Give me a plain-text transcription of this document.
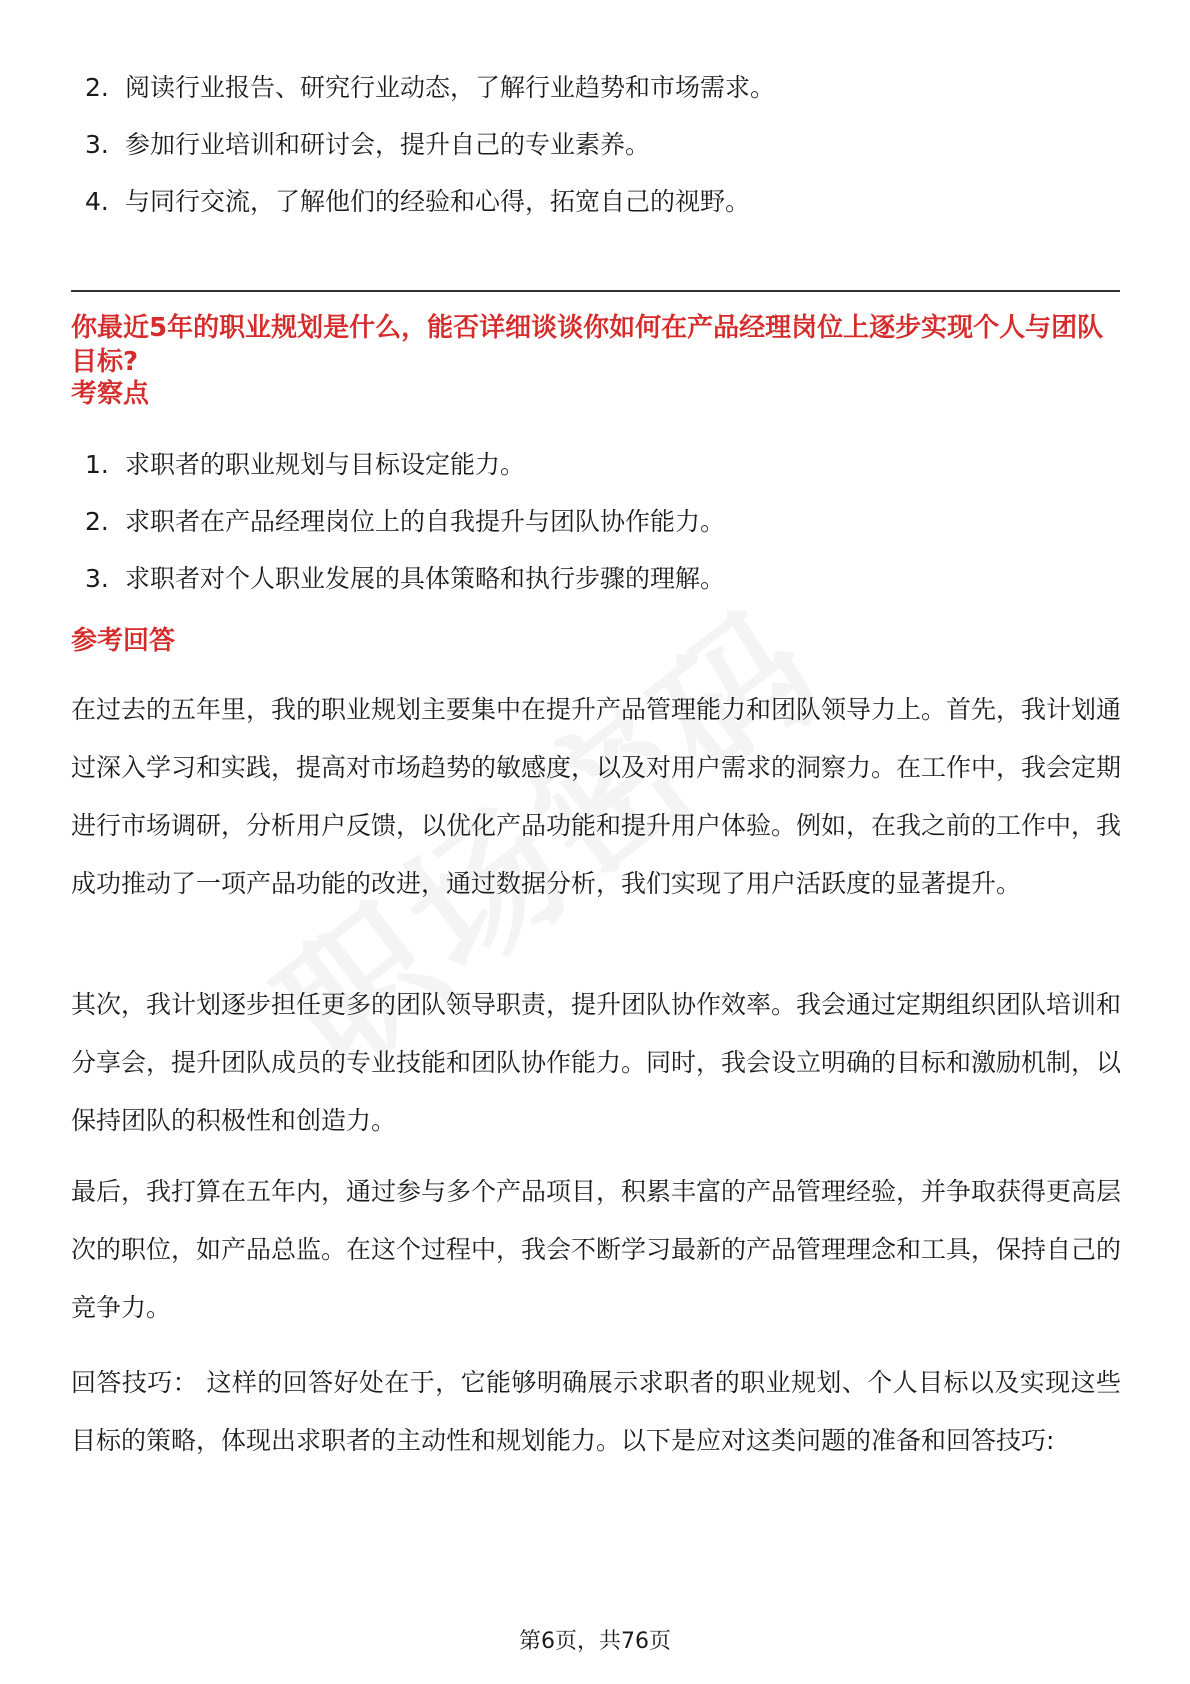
2. 阅读行业报告、研究行业动态，了解行业趋势和市场需求。
3. 参加行业培训和研讨会，提升自己的专业素养。
4. 与同行交流，了解他们的经验和心得，拓宽自己的视野。
你最近5年的职业规划是什么，能否详细谈谈你如何在产品经理岗位上逐步实现个人与团队目标?
考察点
1. 求职者的职业规划与目标设定能力。
2. 求职者在产品经理岗位上的自我提升与团队协作能力。
3. 求职者对个人职业发展的具体策略和执行步骤的理解。
参考回答

在过去的五年里，我的职业规划主要集中在提升产品管理能力和团队领导力上。首先，我计划通过深入学习和实践，提高对市场趋势的敏感度，以及对用户需求的洞察力。在工作中，我会定期进行市场调研，分析用户反馈，以优化产品功能和提升用户体验。例如，在我之前的工作中，我成功推动了一项产品功能的改进，通过数据分析，我们实现了用户活跃度的显著提升。

其次，我计划逐步担任更多的团队领导职责，提升团队协作效率。我会通过定期组织团队培训和分享会，提升团队成员的专业技能和团队协作能力。同时，我会设立明确的目标和激励机制，以保持团队的积极性和创造力。

最后，我打算在五年内，通过参与多个产品项目，积累丰富的产品管理经验，并争取获得更高层次的职位，如产品总监。在这个过程中，我会不断学习最新的产品管理理念和工具，保持自己的竞争力。

回答技巧： 这样的回答好处在于，它能够明确展示求职者的职业规划、个人目标以及实现这些目标的策略，体现出求职者的主动性和规划能力。以下是应对这类问题的准备和回答技巧:

第6页，共76页
